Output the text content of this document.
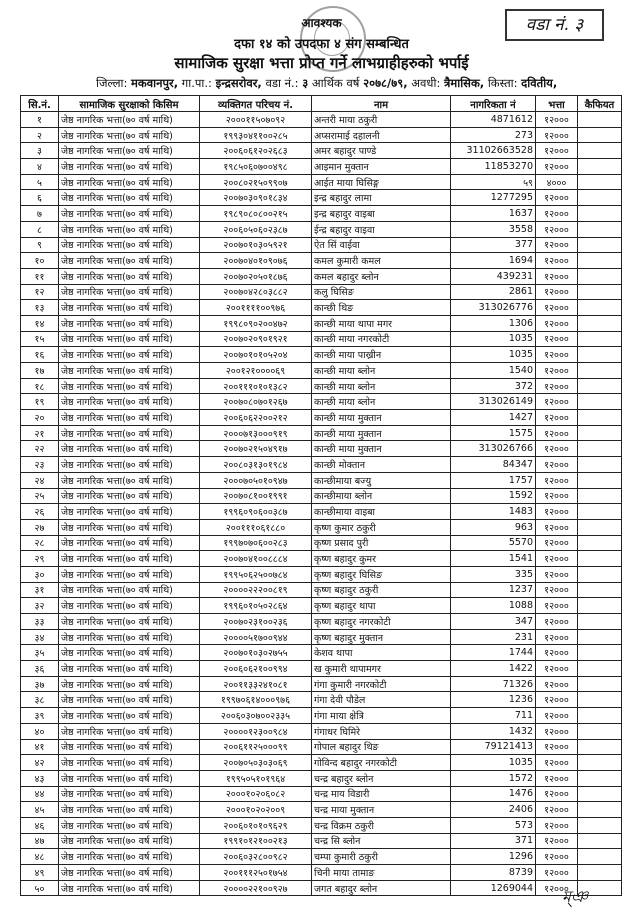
वडा नं. ३
आवश्यक
दफा १४ को उपदफा ४ संग सम्बन्धित
सामाजिक सुरक्षा भत्ता प्रोप्त गर्ने लाभग्राहीहरुको भर्पाई
जिल्ला: मकवानपुर, गा.पा.: इन्द्रसरोवर, वडा नं.: ३ आर्थिक वर्ष २०७८/७९, अवधी: त्रैमासिक, किस्ता: दवितीय,
सि.नं.	सामाजिक सुरक्षाको किसिम	व्यक्तिगत परिचय नं.	नाम	नागरिकता नं	भत्ता	कैफियत
१	जेष्ठ नागरिक भत्ता(७० वर्ष माथि)	२०००११५०७०९२	अन्तरी माया ठकुरी	4871612	१२०००	
२	जेष्ठ नागरिक भत्ता(७० वर्ष माथि)	१९९३०४११००२८५	अप्सरामाई दहालनी	273	१२०००	
३	जेष्ठ नागरिक भत्ता(७० वर्ष माथि)	२००६०६१२०२६८३	अमर बहादुर पाण्डे	31102663528	१२०००	
४	जेष्ठ नागरिक भत्ता(७० वर्ष माथि)	१९८५०६०७००४९८	आइमान मुक्तान	11853270	१२०००	
५	जेष्ठ नागरिक भत्ता(७० वर्ष माथि)	२००८०२१५०९९०७	आईत माया घिसिङ्ग	५९	४०००	
६	जेष्ठ नागरिक भत्ता(७० वर्ष माथि)	२००७०३०९०१८३४	इन्द्र बहादुर लामा	1277295	१२०००	
७	जेष्ठ नागरिक भत्ता(७० वर्ष माथि)	१९८९०८०८००२१५	इन्द्र बहादुर वाइबा	1637	१२०००	
८	जेष्ठ नागरिक भत्ता(७० वर्ष माथि)	२००६०५०६०२३८७	ईन्द्र बहादुर वाइवा	3558	१२०००	
९	जेष्ठ नागरिक भत्ता(७० वर्ष माथि)	२००७०१०३०५९२१	ऐत सिं वाईवा	377	१२०००	
१०	जेष्ठ नागरिक भत्ता(७० वर्ष माथि)	२००७०४०१०९०७६	कमल कुमारी कमल	1694	१२०००	
११	जेष्ठ नागरिक भत्ता(७० वर्ष माथि)	२००७०२०५०१८७६	कमल बहादुर ब्लोन	439231	१२०००	
१२	जेष्ठ नागरिक भत्ता(७० वर्ष माथि)	२००७०४२८०३८८२	कलु घिसिङ	2861	१२०००	
१३	जेष्ठ नागरिक भत्ता(७० वर्ष माथि)	२००११११००९७६	कान्छी थिङ	313026776	१२०००	
१४	जेष्ठ नागरिक भत्ता(७० वर्ष माथि)	१९९८०९०२००४७२	कान्छी माया थापा मगर	1306	१२०००	
१५	जेष्ठ नागरिक भत्ता(७० वर्ष माथि)	२००७०२०९०१९२१	कान्छी माया नगरकोटी	1035	१२०००	
१६	जेष्ठ नागरिक भत्ता(७० वर्ष माथि)	२००७०१०१०५२०४	कान्छी माया पाख्रीन	1035	१२०००	
१७	जेष्ठ नागरिक भत्ता(७० वर्ष माथि)	२००१२१००००६९	कान्छी माया ब्लोन	1540	१२०००	
१८	जेष्ठ नागरिक भत्ता(७० वर्ष माथि)	२००१११०१०१३८२	कान्छी माया ब्लोन	372	१२०००	
१९	जेष्ठ नागरिक भत्ता(७० वर्ष माथि)	२००७०८०७०१२६७	कान्छी माया ब्लोन	313026149	१२०००	
२०	जेष्ठ नागरिक भत्ता(७० वर्ष माथि)	२००६०६२२००२१२	कान्छी माया मुक्तान	1427	१२०००	
२१	जेष्ठ नागरिक भत्ता(७० वर्ष माथि)	२०००७१३०००९१९	कान्छी माया मुक्तान	1575	१२०००	
२२	जेष्ठ नागरिक भत्ता(७० वर्ष माथि)	२००७०२१५०४९१७	कान्छी माया मुक्तान	313026766	१२०००	
२३	जेष्ठ नागरिक भत्ता(७० वर्ष माथि)	२००८०३१३०१९८४	कान्छी मोक्तान	84347	१२०००	
२४	जेष्ठ नागरिक भत्ता(७० वर्ष माथि)	२०००७०५०१०९४७	कान्छीमाया बज्यु	1757	१२०००	
२५	जेष्ठ नागरिक भत्ता(७० वर्ष माथि)	२००७०८१००१९९१	कान्छीमाया ब्लोन	1592	१२०००	
२६	जेष्ठ नागरिक भत्ता(७० वर्ष माथि)	१९९६०९०६००३८७	कान्छीमाया वाइबा	1483	१२०००	
२७	जेष्ठ नागरिक भत्ता(७० वर्ष माथि)	२००१११०६१८८०	कृष्ण कुमार ठकुरी	963	१२०००	
२८	जेष्ठ नागरिक भत्ता(७० वर्ष माथि)	१९९७०७०६००२८३	कृष्ण प्रसाद पुरी	5570	१२०००	
२९	जेष्ठ नागरिक भत्ता(७० वर्ष माथि)	२००७०४१००८८८४	कृष्ण बहादुर कुमर	1541	१२०००	
३०	जेष्ठ नागरिक भत्ता(७० वर्ष माथि)	१९९५०६२५००७८४	कृष्ण बहादुर घिसिङ	335	१२०००	
३१	जेष्ठ नागरिक भत्ता(७० वर्ष माथि)	२००००२२२००८१९	कृष्ण बहादुर ठकुरी	1237	१२०००	
३२	जेष्ठ नागरिक भत्ता(७० वर्ष माथि)	१९९६०१०५०२८६४	कृष्ण बहादुर थापा	1088	१२०००	
३३	जेष्ठ नागरिक भत्ता(७० वर्ष माथि)	२००७०२३१००२३६	कृष्ण बहादुर नगरकोटी	347	१२०००	
३४	जेष्ठ नागरिक भत्ता(७० वर्ष माथि)	२००००५१७००९४४	कृष्ण बहादुर मुक्तान	231	१२०००	
३५	जेष्ठ नागरिक भत्ता(७० वर्ष माथि)	२००७०१०३०२७५५	केशव थापा	1744	१२०००	
३६	जेष्ठ नागरिक भत्ता(७० वर्ष माथि)	२००६०६२१००९९४	ख कुमारी थापामगर	1422	१२०००	
३७	जेष्ठ नागरिक भत्ता(७० वर्ष माथि)	२००११३३२४१०८१	गंगा कुमारी नगरकोटी	71326	१२०००	
३८	जेष्ठ नागरिक भत्ता(७० वर्ष माथि)	१९९७०६१४०००९७६	गंगा देवी पौडेल	1236	१२०००	
३९	जेष्ठ नागरिक भत्ता(७० वर्ष माथि)	२००६०३०७००२३३५	गंगा माया क्षेत्रि	711	१२०००	
४०	जेष्ठ नागरिक भत्ता(७० वर्ष माथि)	२००००१२३००९८४	गंगाधर घिमिरे	1432	१२०००	
४१	जेष्ठ नागरिक भत्ता(७० वर्ष माथि)	२००६११२५०००९९	गोपाल बहादुर थिङ	79121413	१२०००	
४२	जेष्ठ नागरिक भत्ता(७० वर्ष माथि)	२००७०५०३०३०६९	गोविन्द बहादुर नगरकोटी	1035	१२०००	
४३	जेष्ठ नागरिक भत्ता(७० वर्ष माथि)	१९९५०५१०१९६४	चन्द्र बहादुर ब्लोन	1572	१२०००	
४४	जेष्ठ नागरिक भत्ता(७० वर्ष माथि)	२०००१०२०६०८२	चन्द्र माय विडारी	1476	१२०००	
४५	जेष्ठ नागरिक भत्ता(७० वर्ष माथि)	२०००१०२०२००९	चन्द्र माया मुक्तान	2406	१२०००	
४६	जेष्ठ नागरिक भत्ता(७० वर्ष माथि)	२००६०१०१०९६२९	चन्द्र विक्रम ठकुरी	573	१२०००	
४७	जेष्ठ नागरिक भत्ता(७० वर्ष माथि)	१९९१०१२१००२१३	चन्द्र सि ब्लोन	371	१२०००	
४८	जेष्ठ नागरिक भत्ता(७० वर्ष माथि)	२००६०३२८००९८२	चम्पा कुमारी ठकुरी	1296	१२०००	
४९	जेष्ठ नागरिक भत्ता(७० वर्ष माथि)	२००१११२५०१७५४	चिनी माया तामाङ	8739	१२०००	
५०	जेष्ठ नागरिक भत्ता(७० वर्ष माथि)	२००००२२१००९२७	जगत बहादुर ब्लोन	1269044	१२०००	
ম্ঞ
